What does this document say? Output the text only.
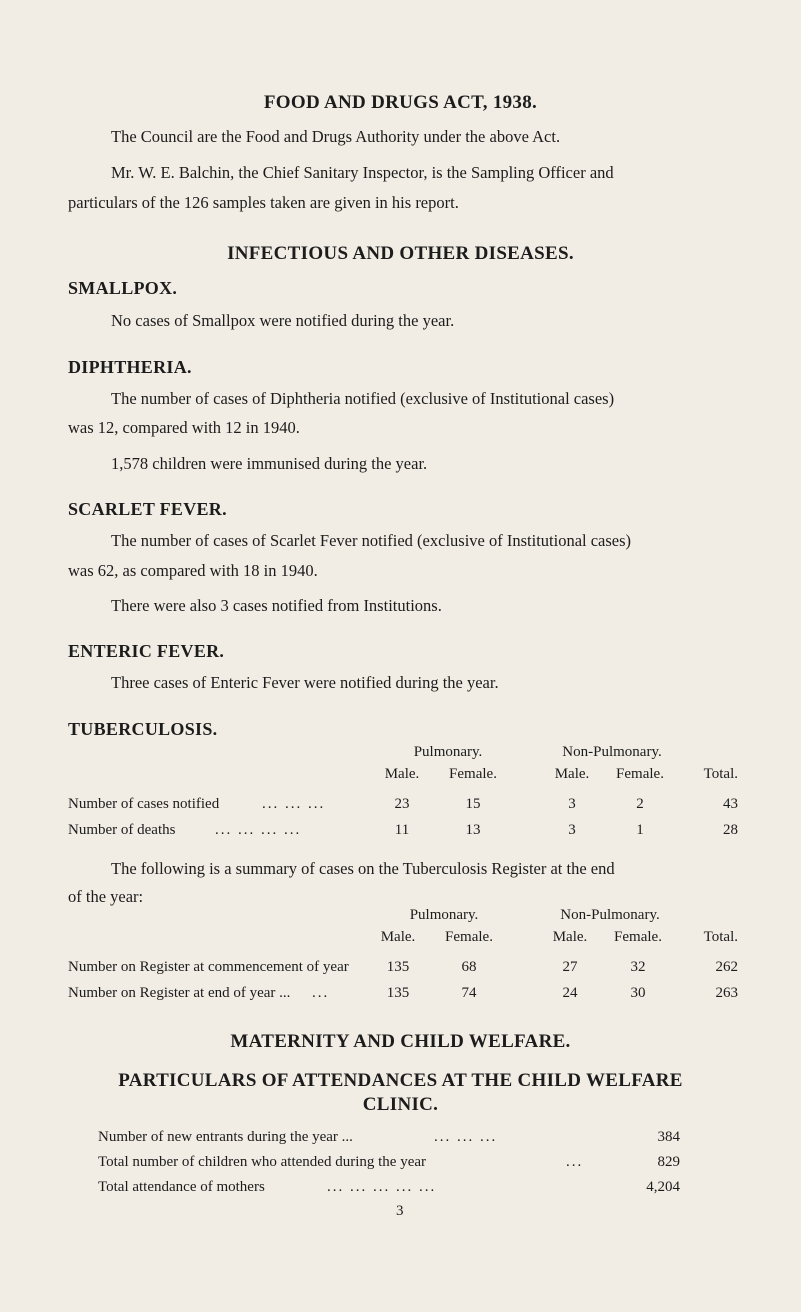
FOOD AND DRUGS ACT, 1938.
The Council are the Food and Drugs Authority under the above Act.
Mr. W. E. Balchin, the Chief Sanitary Inspector, is the Sampling Officer and
particulars of the 126 samples taken are given in his report.
INFECTIOUS AND OTHER DISEASES.
SMALLPOX.
No cases of Smallpox were notified during the year.
DIPHTHERIA.
The number of cases of Diphtheria notified (exclusive of Institutional cases)
was 12, compared with 12 in 1940.
1,578 children were immunised during the year.
SCARLET FEVER.
The number of cases of Scarlet Fever notified (exclusive of Institutional cases)
was 62, as compared with 18 in 1940.
There were also 3 cases notified from Institutions.
ENTERIC FEVER.
Three cases of Enteric Fever were notified during the year.
TUBERCULOSIS.
Pulmonary.	Non-Pulmonary.
Male.	Female.	Male.	Female.	Total.
Number of cases notified	... ... ...	23	15	3	2	43
Number of deaths	... ... ... ...	11	13	3	1	28
The following is a summary of cases on the Tuberculosis Register at the end
of the year:
Pulmonary.	Non-Pulmonary.
Male.	Female.	Male.	Female.	Total.
Number on Register at commencement of year	135	68	27	32	262
Number on Register at end of year ... ...	135	74	24	30	263
MATERNITY AND CHILD WELFARE.
PARTICULARS OF ATTENDANCES AT THE CHILD WELFARE
CLINIC.
Number of new entrants during the year ...	... ... ...	384
Total number of children who attended during the year	...	829
Total attendance of mothers	... ... ... ... ...	4,204
3
